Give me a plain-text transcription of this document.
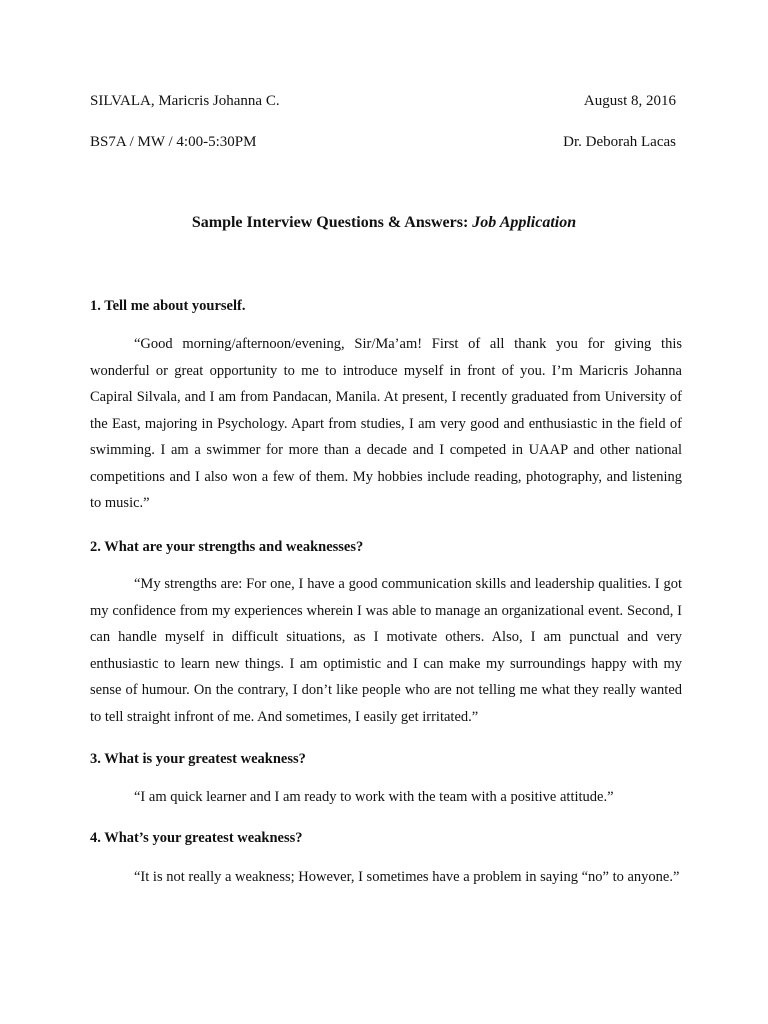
SILVALA, Maricris Johanna C.	August 8, 2016
BS7A / MW / 4:00-5:30PM	Dr. Deborah Lacas
Sample Interview Questions & Answers: Job Application
1. Tell me about yourself.

“Good morning/afternoon/evening, Sir/Ma’am! First of all thank you for giving this wonderful or great opportunity to me to introduce myself in front of you. I’m Maricris Johanna Capiral Silvala, and I am from Pandacan, Manila. At present, I recently graduated from University of the East, majoring in Psychology. Apart from studies, I am very good and enthusiastic in the field of swimming. I am a swimmer for more than a decade and I competed in UAAP and other national competitions and I also won a few of them. My hobbies include reading, photography, and listening to music.”

2. What are your strengths and weaknesses?

“My strengths are: For one, I have a good communication skills and leadership qualities. I got my confidence from my experiences wherein I was able to manage an organizational event. Second, I can handle myself in difficult situations, as I motivate others. Also, I am punctual and very enthusiastic to learn new things. I am optimistic and I can make my surroundings happy with my sense of humour. On the contrary, I don’t like people who are not telling me what they really wanted to tell straight infront of me. And sometimes, I easily get irritated.”

3. What is your greatest weakness?

“I am quick learner and I am ready to work with the team with a positive attitude.”

4. What’s your greatest weakness?

“It is not really a weakness; However, I sometimes have a problem in saying “no” to anyone.”
